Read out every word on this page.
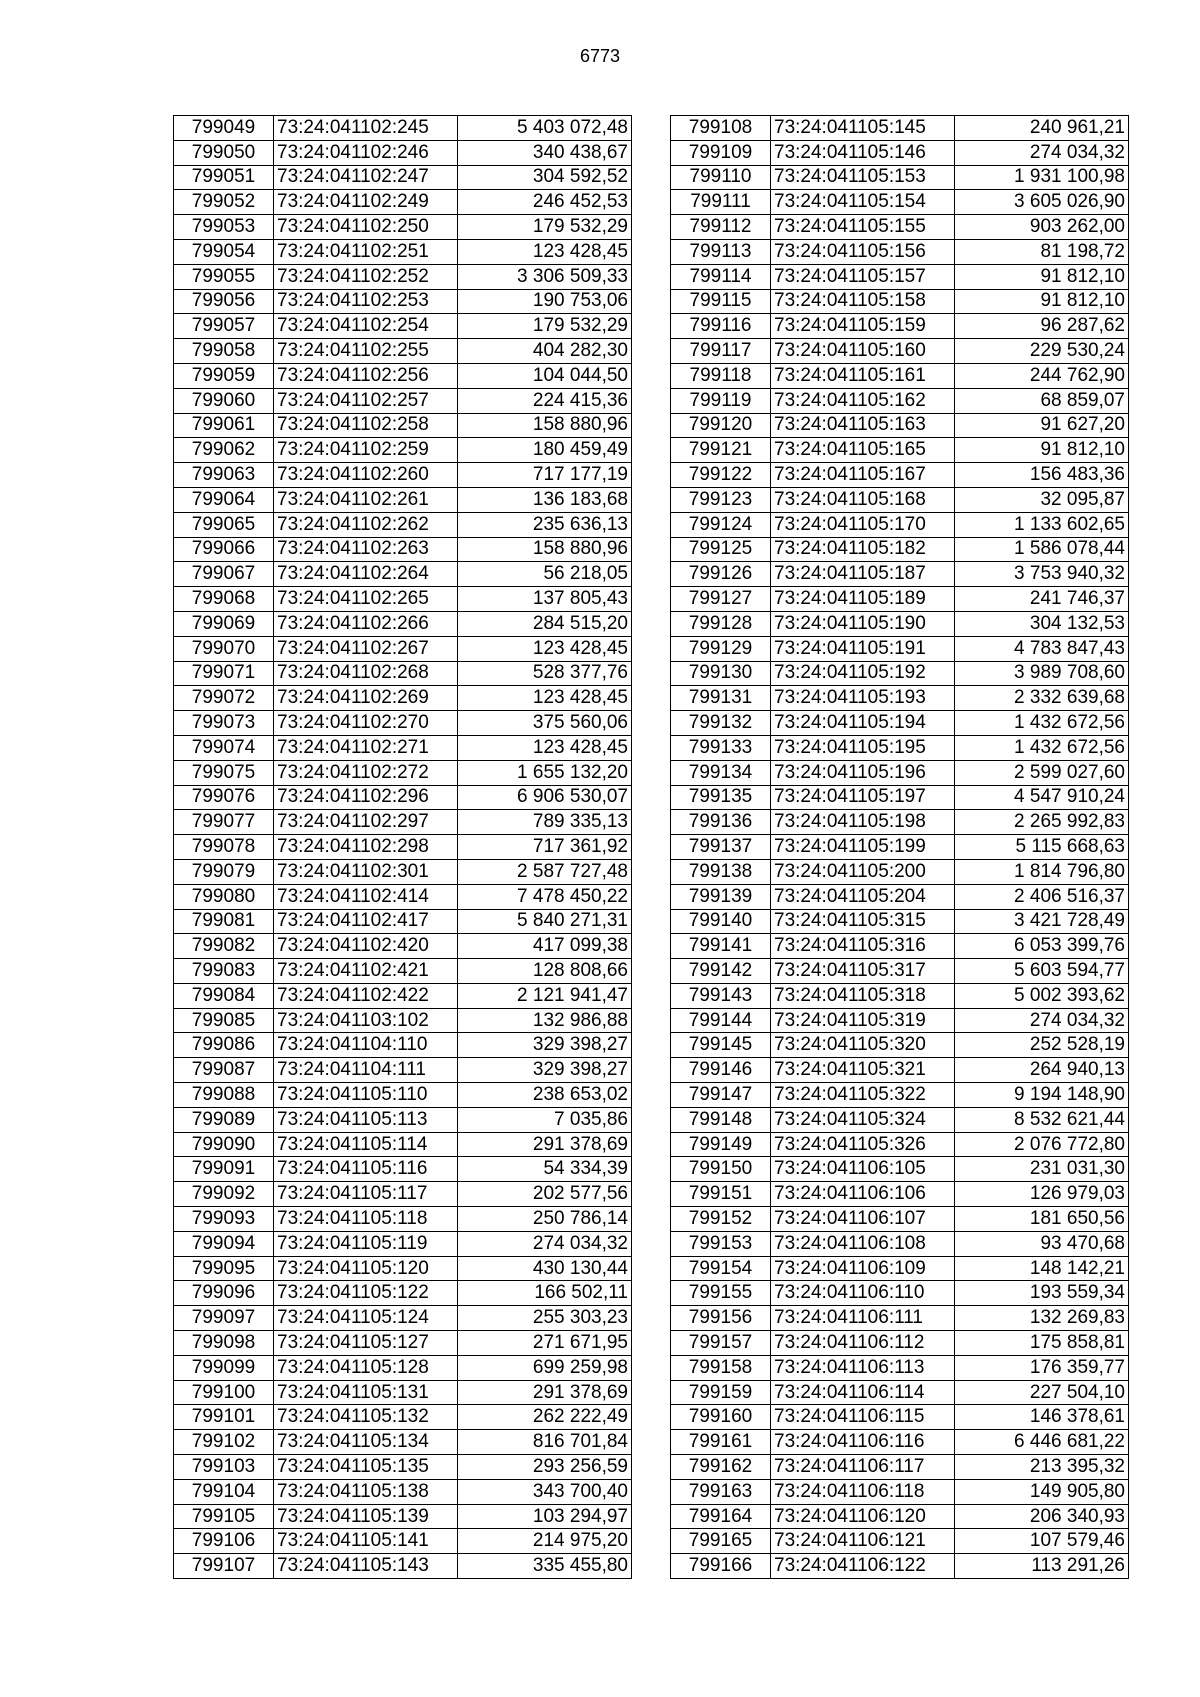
6773
799049	73:24:041102:245	5 403 072,48
799050	73:24:041102:246	340 438,67
799051	73:24:041102:247	304 592,52
799052	73:24:041102:249	246 452,53
799053	73:24:041102:250	179 532,29
799054	73:24:041102:251	123 428,45
799055	73:24:041102:252	3 306 509,33
799056	73:24:041102:253	190 753,06
799057	73:24:041102:254	179 532,29
799058	73:24:041102:255	404 282,30
799059	73:24:041102:256	104 044,50
799060	73:24:041102:257	224 415,36
799061	73:24:041102:258	158 880,96
799062	73:24:041102:259	180 459,49
799063	73:24:041102:260	717 177,19
799064	73:24:041102:261	136 183,68
799065	73:24:041102:262	235 636,13
799066	73:24:041102:263	158 880,96
799067	73:24:041102:264	56 218,05
799068	73:24:041102:265	137 805,43
799069	73:24:041102:266	284 515,20
799070	73:24:041102:267	123 428,45
799071	73:24:041102:268	528 377,76
799072	73:24:041102:269	123 428,45
799073	73:24:041102:270	375 560,06
799074	73:24:041102:271	123 428,45
799075	73:24:041102:272	1 655 132,20
799076	73:24:041102:296	6 906 530,07
799077	73:24:041102:297	789 335,13
799078	73:24:041102:298	717 361,92
799079	73:24:041102:301	2 587 727,48
799080	73:24:041102:414	7 478 450,22
799081	73:24:041102:417	5 840 271,31
799082	73:24:041102:420	417 099,38
799083	73:24:041102:421	128 808,66
799084	73:24:041102:422	2 121 941,47
799085	73:24:041103:102	132 986,88
799086	73:24:041104:110	329 398,27
799087	73:24:041104:111	329 398,27
799088	73:24:041105:110	238 653,02
799089	73:24:041105:113	7 035,86
799090	73:24:041105:114	291 378,69
799091	73:24:041105:116	54 334,39
799092	73:24:041105:117	202 577,56
799093	73:24:041105:118	250 786,14
799094	73:24:041105:119	274 034,32
799095	73:24:041105:120	430 130,44
799096	73:24:041105:122	166 502,11
799097	73:24:041105:124	255 303,23
799098	73:24:041105:127	271 671,95
799099	73:24:041105:128	699 259,98
799100	73:24:041105:131	291 378,69
799101	73:24:041105:132	262 222,49
799102	73:24:041105:134	816 701,84
799103	73:24:041105:135	293 256,59
799104	73:24:041105:138	343 700,40
799105	73:24:041105:139	103 294,97
799106	73:24:041105:141	214 975,20
799107	73:24:041105:143	335 455,80
799108	73:24:041105:145	240 961,21
799109	73:24:041105:146	274 034,32
799110	73:24:041105:153	1 931 100,98
799111	73:24:041105:154	3 605 026,90
799112	73:24:041105:155	903 262,00
799113	73:24:041105:156	81 198,72
799114	73:24:041105:157	91 812,10
799115	73:24:041105:158	91 812,10
799116	73:24:041105:159	96 287,62
799117	73:24:041105:160	229 530,24
799118	73:24:041105:161	244 762,90
799119	73:24:041105:162	68 859,07
799120	73:24:041105:163	91 627,20
799121	73:24:041105:165	91 812,10
799122	73:24:041105:167	156 483,36
799123	73:24:041105:168	32 095,87
799124	73:24:041105:170	1 133 602,65
799125	73:24:041105:182	1 586 078,44
799126	73:24:041105:187	3 753 940,32
799127	73:24:041105:189	241 746,37
799128	73:24:041105:190	304 132,53
799129	73:24:041105:191	4 783 847,43
799130	73:24:041105:192	3 989 708,60
799131	73:24:041105:193	2 332 639,68
799132	73:24:041105:194	1 432 672,56
799133	73:24:041105:195	1 432 672,56
799134	73:24:041105:196	2 599 027,60
799135	73:24:041105:197	4 547 910,24
799136	73:24:041105:198	2 265 992,83
799137	73:24:041105:199	5 115 668,63
799138	73:24:041105:200	1 814 796,80
799139	73:24:041105:204	2 406 516,37
799140	73:24:041105:315	3 421 728,49
799141	73:24:041105:316	6 053 399,76
799142	73:24:041105:317	5 603 594,77
799143	73:24:041105:318	5 002 393,62
799144	73:24:041105:319	274 034,32
799145	73:24:041105:320	252 528,19
799146	73:24:041105:321	264 940,13
799147	73:24:041105:322	9 194 148,90
799148	73:24:041105:324	8 532 621,44
799149	73:24:041105:326	2 076 772,80
799150	73:24:041106:105	231 031,30
799151	73:24:041106:106	126 979,03
799152	73:24:041106:107	181 650,56
799153	73:24:041106:108	93 470,68
799154	73:24:041106:109	148 142,21
799155	73:24:041106:110	193 559,34
799156	73:24:041106:111	132 269,83
799157	73:24:041106:112	175 858,81
799158	73:24:041106:113	176 359,77
799159	73:24:041106:114	227 504,10
799160	73:24:041106:115	146 378,61
799161	73:24:041106:116	6 446 681,22
799162	73:24:041106:117	213 395,32
799163	73:24:041106:118	149 905,80
799164	73:24:041106:120	206 340,93
799165	73:24:041106:121	107 579,46
799166	73:24:041106:122	113 291,26
